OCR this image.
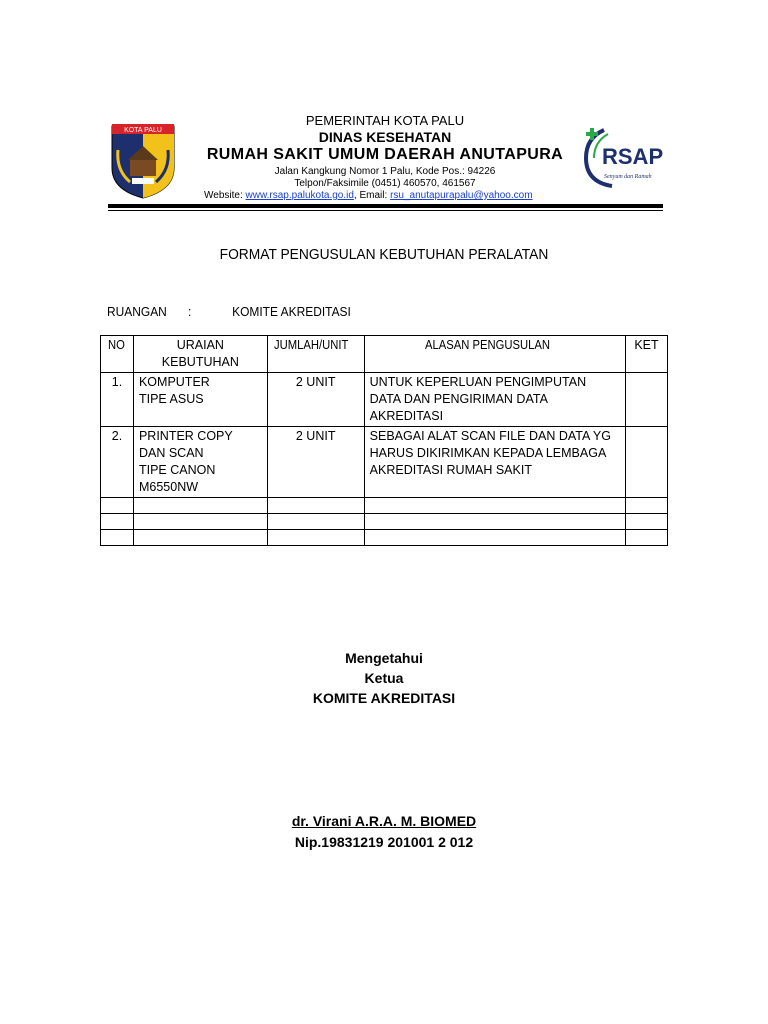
KOTA PALU
RSAP
Senyum dan Ramah
PEMERINTAH KOTA PALU
DINAS KESEHATAN
RUMAH SAKIT UMUM DAERAH ANUTAPURA
Jalan Kangkung Nomor 1 Palu, Kode Pos.: 94226
Telpon/Faksimile (0451) 460570, 461567
Website: www.rsap.palukota.go.id, Email: rsu_anutapurapalu@yahoo.com
FORMAT PENGUSULAN KEBUTUHAN PERALATAN
RUANGAN :	KOMITE AKREDITASI
NO	URAIAN KEBUTUHAN	JUMLAH/UNIT	ALASAN PENGUSULAN	KET
1.	KOMPUTER
TIPE ASUS	2 UNIT	UNTUK KEPERLUAN PENGIMPUTAN
DATA DAN PENGIRIMAN DATA
AKREDITASI	
2.	PRINTER COPY
DAN SCAN
TIPE CANON
M6550NW	2 UNIT	SEBAGAI ALAT SCAN FILE DAN DATA YG
HARUS DIKIRIMKAN KEPADA LEMBAGA
AKREDITASI RUMAH SAKIT	

Mengetahui
Ketua
KOMITE AKREDITASI
dr. Virani A.R.A. M. BIOMED
Nip.19831219 201001 2 012
